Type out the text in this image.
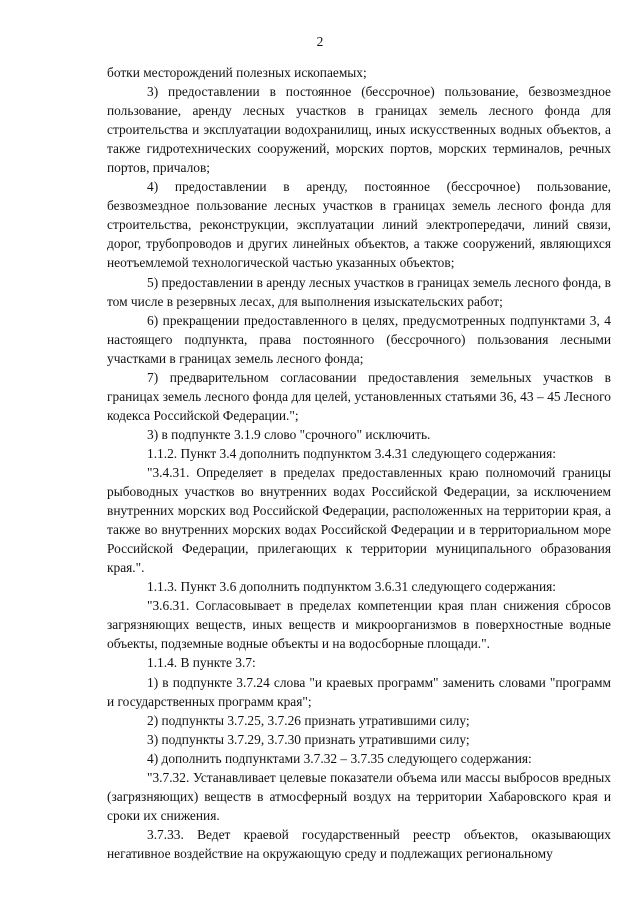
2

ботки месторождений полезных ископаемых;

3) предоставлении в постоянное (бессрочное) пользование, безвозмездное пользование, аренду лесных участков в границах земель лесного фонда для строительства и эксплуатации водохранилищ, иных искусственных водных объектов, а также гидротехнических сооружений, морских портов, морских терминалов, речных портов, причалов;

4) предоставлении в аренду, постоянное (бессрочное) пользование, безвозмездное пользование лесных участков в границах земель лесного фонда для строительства, реконструкции, эксплуатации линий электропередачи, линий связи, дорог, трубопроводов и других линейных объектов, а также сооружений, являющихся неотъемлемой технологической частью указанных объектов;

5) предоставлении в аренду лесных участков в границах земель лесного фонда, в том числе в резервных лесах, для выполнения изыскательских работ;

6) прекращении предоставленного в целях, предусмотренных подпунктами 3, 4 настоящего подпункта, права постоянного (бессрочного) пользования лесными участками в границах земель лесного фонда;

7) предварительном согласовании предоставления земельных участков в границах земель лесного фонда для целей, установленных статьями 36, 43 – 45 Лесного кодекса Российской Федерации.";

3) в подпункте 3.1.9 слово "срочного" исключить.

1.1.2. Пункт 3.4 дополнить подпунктом 3.4.31 следующего содержания:

"3.4.31. Определяет в пределах предоставленных краю полномочий границы рыбоводных участков во внутренних водах Российской Федерации, за исключением внутренних морских вод Российской Федерации, расположенных на территории края, а также во внутренних морских водах Российской Федерации и в территориальном море Российской Федерации, прилегающих к территории муниципального образования края.".

1.1.3. Пункт 3.6 дополнить подпунктом 3.6.31 следующего содержания:

"3.6.31. Согласовывает в пределах компетенции края план снижения сбросов загрязняющих веществ, иных веществ и микроорганизмов в поверхностные водные объекты, подземные водные объекты и на водосборные площади.".

1.1.4. В пункте 3.7:

1) в подпункте 3.7.24 слова "и краевых программ" заменить словами "программ и государственных программ края";

2) подпункты 3.7.25, 3.7.26 признать утратившими силу;

3) подпункты 3.7.29, 3.7.30 признать утратившими силу;

4) дополнить подпунктами 3.7.32 – 3.7.35 следующего содержания:

"3.7.32. Устанавливает целевые показатели объема или массы выбросов вредных (загрязняющих) веществ в атмосферный воздух на территории Хабаровского края и сроки их снижения.

3.7.33. Ведет краевой государственный реестр объектов, оказывающих негативное воздействие на окружающую среду и подлежащих региональному
